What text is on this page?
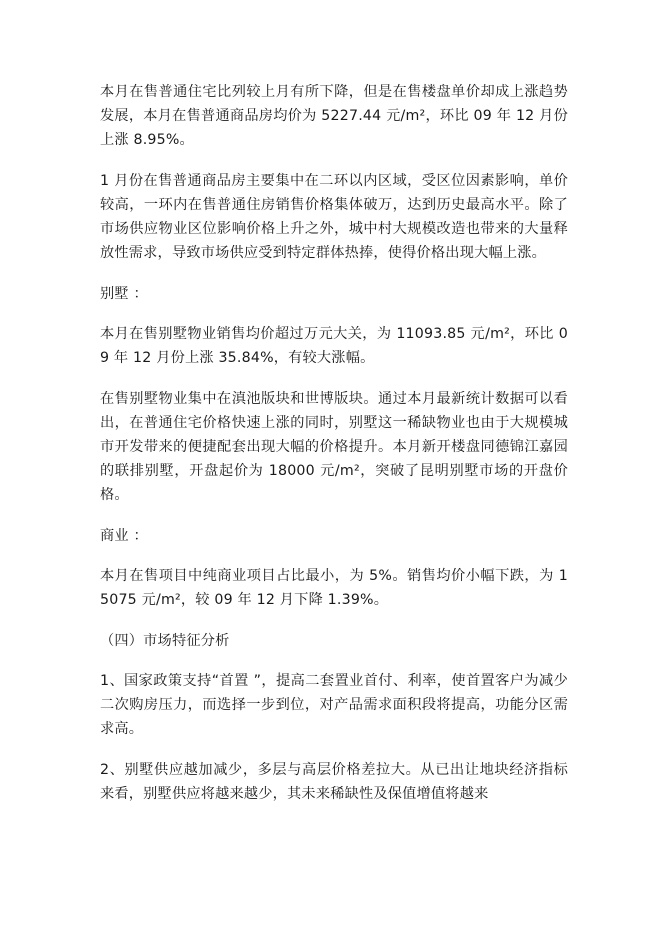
本月在售普通住宅比列较上月有所下降，但是在售楼盘单价却成上涨趋势发展，本月在售普通商品房均价为 5227.44 元/m²，环比 09 年 12 月份上涨 8.95%。

1 月份在售普通商品房主要集中在二环以内区域，受区位因素影响，单价较高，一环内在售普通住房销售价格集体破万，达到历史最高水平。除了市场供应物业区位影响价格上升之外，城中村大规模改造也带来的大量释放性需求，导致市场供应受到特定群体热捧，使得价格出现大幅上涨。

别墅 ：

本月在售别墅物业销售均价超过万元大关，为 11093.85 元/m²，环比 09 年 12 月份上涨 35.84%，有较大涨幅。

在售别墅物业集中在滇池版块和世博版块。通过本月最新统计数据可以看出，在普通住宅价格快速上涨的同时，别墅这一稀缺物业也由于大规模城市开发带来的便捷配套出现大幅的价格提升。本月新开楼盘同德锦江嘉园的联排别墅，开盘起价为 18000 元/m²，突破了昆明别墅市场的开盘价格。

商业 ：

本月在售项目中纯商业项目占比最小，为 5%。销售均价小幅下跌，为 15075 元/m²，较 09 年 12 月下降 1.39%。

（四）市场特征分析

1、国家政策支持“首置 ”，提高二套置业首付、利率，使首置客户为减少二次购房压力，而选择一步到位，对产品需求面积段将提高，功能分区需求高。

2、别墅供应越加减少，多层与高层价格差拉大。从已出让地块经济指标来看，别墅供应将越来越少，其未来稀缺性及保值增值将越来
